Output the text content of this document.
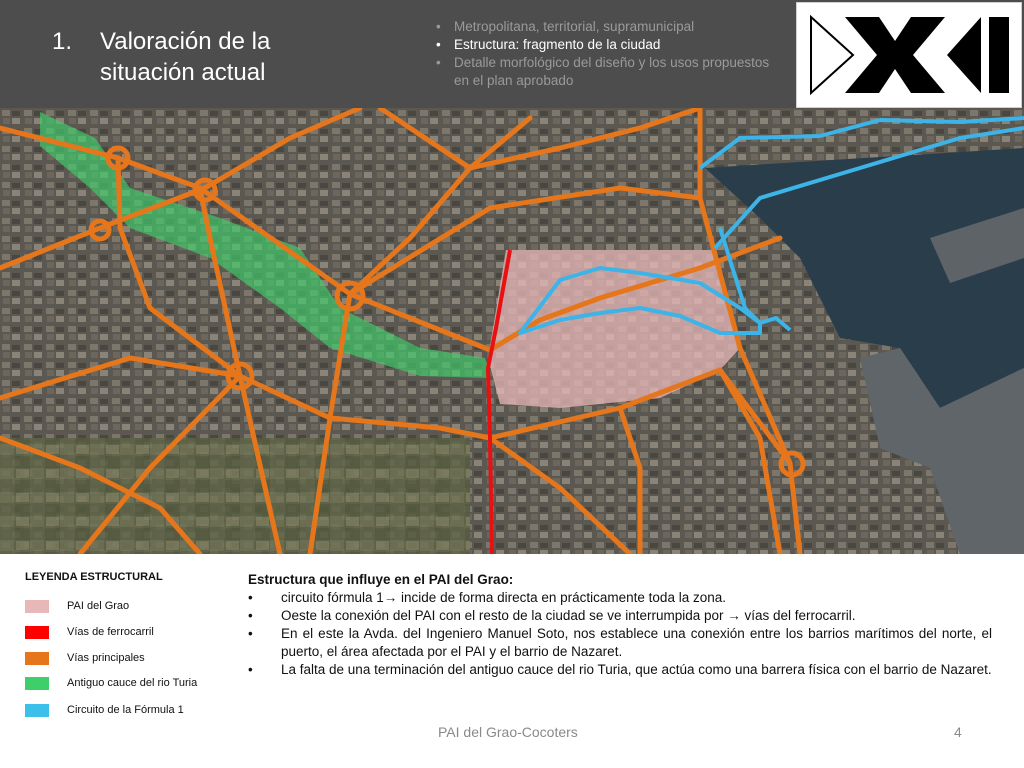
1. Valoración de la
situación actual
• Metropolitana, territorial, supramunicipal
• Estructura: fragmento de la ciudad
• Detalle morfológico del diseño y los usos propuestos en el plan aprobado
LEYENDA ESTRUCTURAL
PAI del Grao
Vías de ferrocarril
Vías principales
Antiguo cauce del rio Turia
Circuito de la Fórmula 1
Estructura que influye en el PAI del Grao:
• circuito fórmula 1→ incide de forma directa en prácticamente toda la zona.
• Oeste la conexión del PAI con el resto de la ciudad se ve interrumpida por → vías del ferrocarril.
• En el este la Avda. del Ingeniero Manuel Soto, nos establece una conexión entre los barrios marítimos del norte, el puerto, el área afectada por el PAI y el barrio de Nazaret.
• La falta de una terminación del antiguo cauce del rio Turia, que actúa como una barrera física con el barrio de Nazaret.
PAI del Grao-Cocoters	4
